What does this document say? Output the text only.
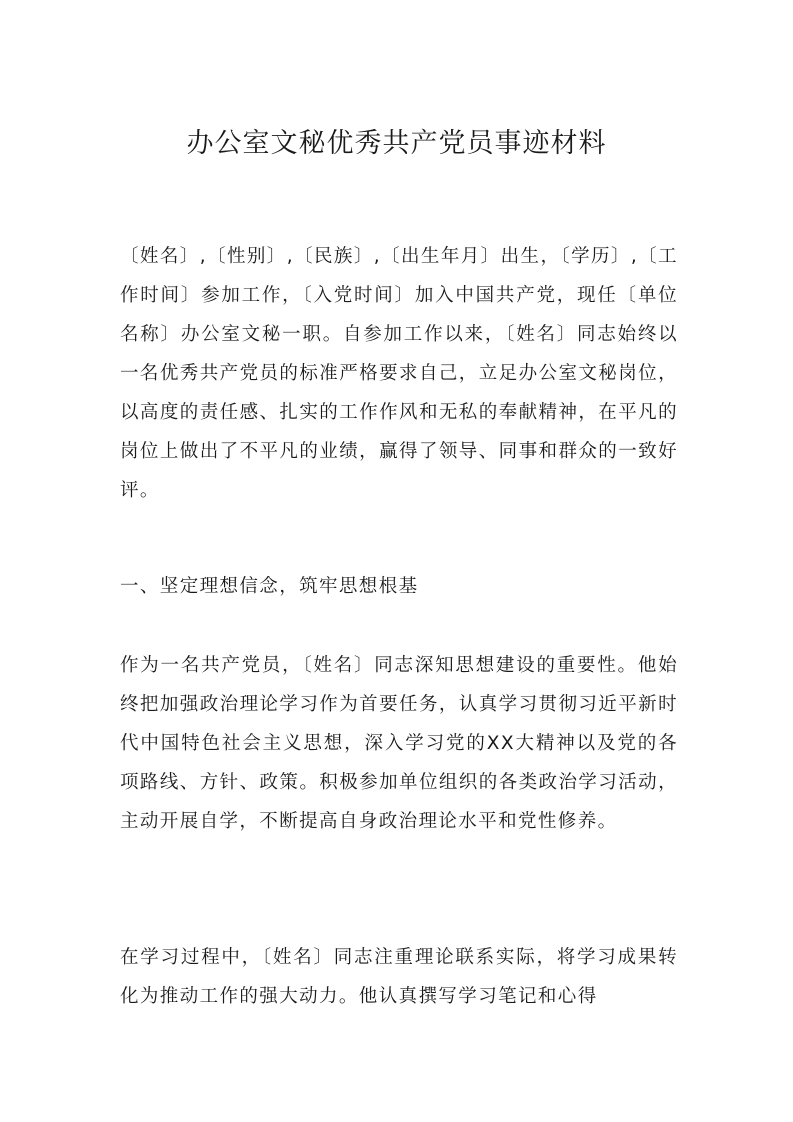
办公室文秘优秀共产党员事迹材料

〔姓名〕,〔性别〕,〔民族〕,〔出生年月〕出生，〔学历〕,〔工作时间〕参加工作，〔入党时间〕加入中国共产党，现任〔单位名称〕办公室文秘一职。自参加工作以来，〔姓名〕同志始终以一名优秀共产党员的标准严格要求自己，立足办公室文秘岗位，以高度的责任感、扎实的工作作风和无私的奉献精神，在平凡的岗位上做出了不平凡的业绩，赢得了领导、同事和群众的一致好评。

一、坚定理想信念，筑牢思想根基

作为一名共产党员，〔姓名〕同志深知思想建设的重要性。他始终把加强政治理论学习作为首要任务，认真学习贯彻习近平新时代中国特色社会主义思想，深入学习党的XX大精神以及党的各项路线、方针、政策。积极参加单位组织的各类政治学习活动，主动开展自学，不断提高自身政治理论水平和党性修养。

在学习过程中，〔姓名〕同志注重理论联系实际，将学习成果转化为推动工作的强大动力。他认真撰写学习笔记和心得
